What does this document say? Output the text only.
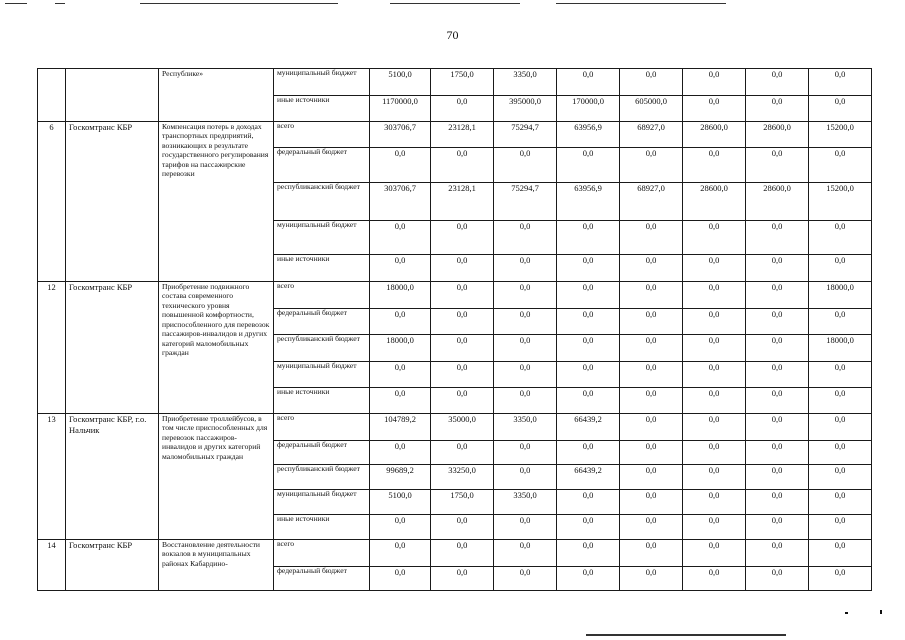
70
		Республике»	муниципальный бюджет	5100,0	1750,0	3350,0	0,0	0,0	0,0	0,0	0,0
			иные источники	1170000,0	0,0	395000,0	170000,0	605000,0	0,0	0,0	0,0
6	Госкомтранс КБР	Компенсация потерь в доходах транспортных предприятий, возникающих в результате государственного регулирования тарифов на пассажирские перевозки	всего	303706,7	23128,1	75294,7	63956,9	68927,0	28600,0	28600,0	15200,0
			федеральный бюджет	0,0	0,0	0,0	0,0	0,0	0,0	0,0	0,0
			республиканский бюджет	303706,7	23128,1	75294,7	63956,9	68927,0	28600,0	28600,0	15200,0
			муниципальный бюджет	0,0	0,0	0,0	0,0	0,0	0,0	0,0	0,0
			иные источники	0,0	0,0	0,0	0,0	0,0	0,0	0,0	0,0
12	Госкомтранс КБР	Приобретение подвижного состава современного технического уровня повышенной комфортности, приспособленного для перевозок пассажиров-инвалидов и других категорий маломобильных граждан	всего	18000,0	0,0	0,0	0,0	0,0	0,0	0,0	18000,0
			федеральный бюджет	0,0	0,0	0,0	0,0	0,0	0,0	0,0	0,0
			республиканский бюджет	18000,0	0,0	0,0	0,0	0,0	0,0	0,0	18000,0
			муниципальный бюджет	0,0	0,0	0,0	0,0	0,0	0,0	0,0	0,0
			иные источники	0,0	0,0	0,0	0,0	0,0	0,0	0,0	0,0
13	Госкомтранс КБР, г.о. Нальчик	Приобретение троллейбусов, в том числе приспособленных для перевозок пассажиров-инвалидов и других категорий маломобильных граждан	всего	104789,2	35000,0	3350,0	66439,2	0,0	0,0	0,0	0,0
			федеральный бюджет	0,0	0,0	0,0	0,0	0,0	0,0	0,0	0,0
			республиканский бюджет	99689,2	33250,0	0,0	66439,2	0,0	0,0	0,0	0,0
			муниципальный бюджет	5100,0	1750,0	3350,0	0,0	0,0	0,0	0,0	0,0
			иные источники	0,0	0,0	0,0	0,0	0,0	0,0	0,0	0,0
14	Госкомтранс КБР	Восстановление деятельности вокзалов в муниципальных районах Кабардино-	всего	0,0	0,0	0,0	0,0	0,0	0,0	0,0	0,0
			федеральный бюджет	0,0	0,0	0,0	0,0	0,0	0,0	0,0	0,0
